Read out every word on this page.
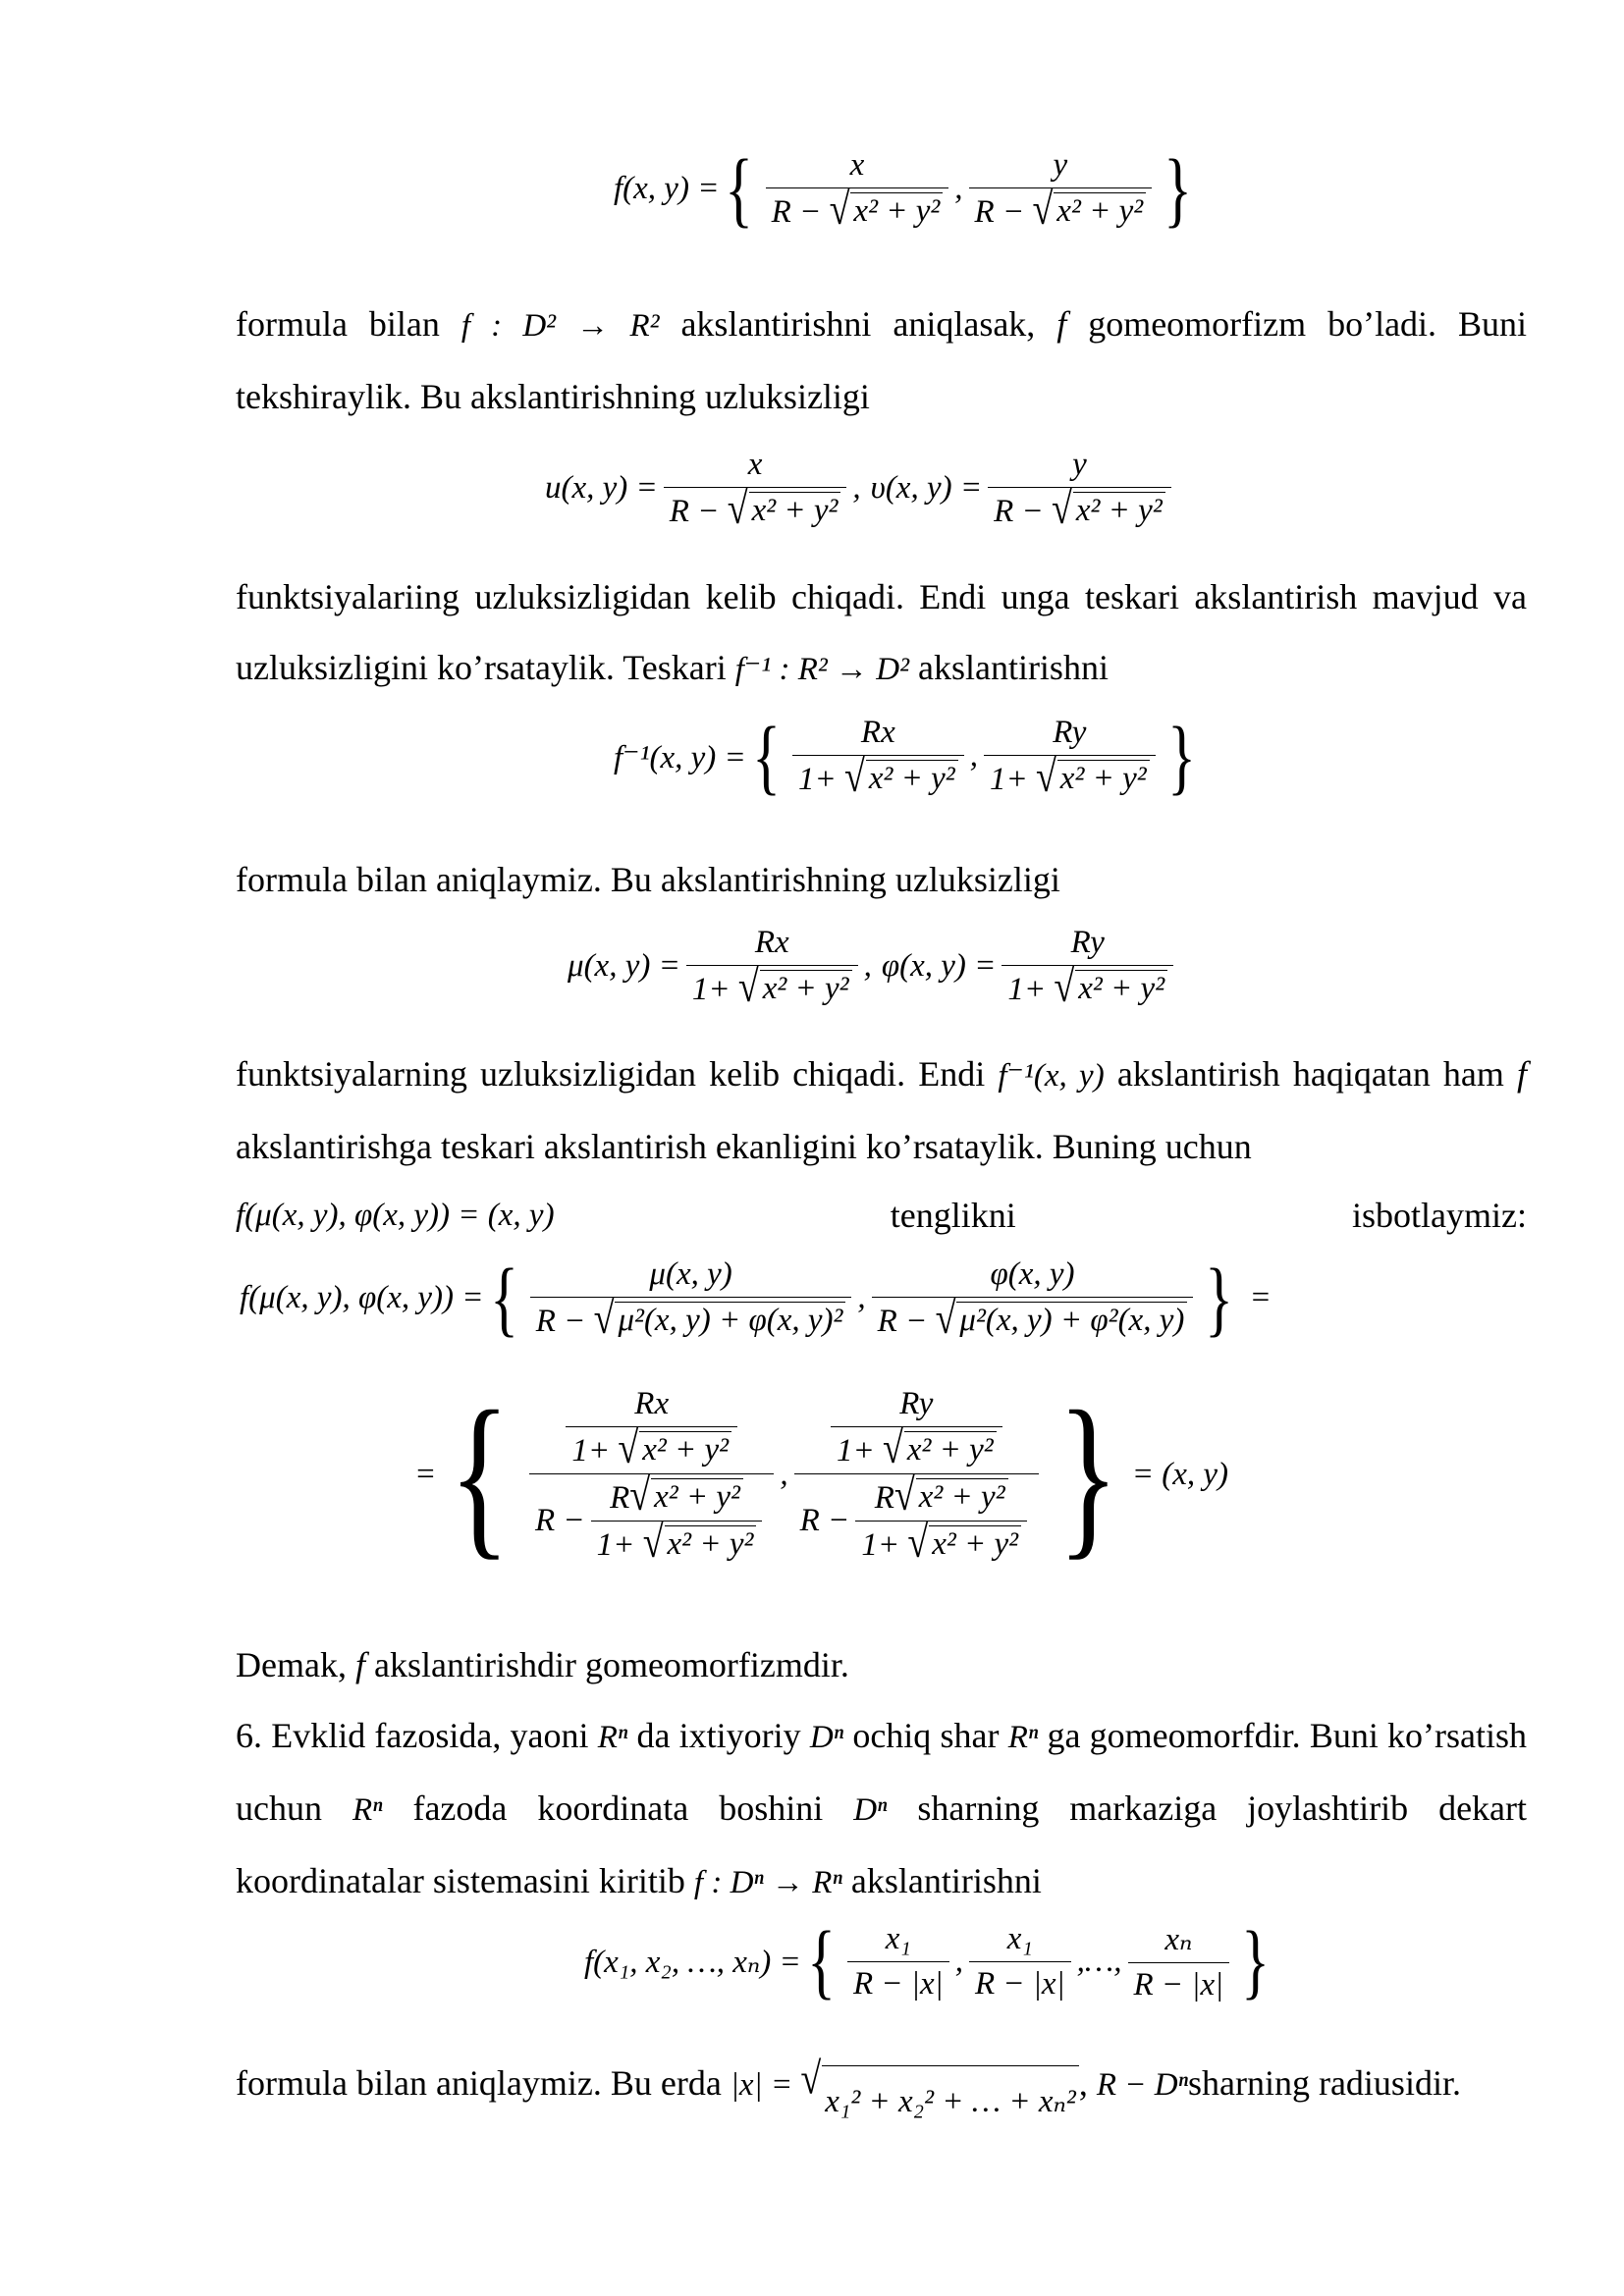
f(x, y) = { $\frac{x}{\text{R − √ x² + y²}}$ , $\frac{y}{\text{R − √ x² + y²}}$ }

formula bilan f : D² → R² akslantirishni aniqlasak, f gomeomorfizm bo’ladi. Buni tekshiraylik. Bu akslantirishning uzluksizligi

u(x, $y) = \frac{x}{\text{R − √ x² + y²}}$ , υ(x, $y) = \frac{y}{\text{R − √ x² + y²}}$

funktsiyalariing uzluksizligidan kelib chiqadi. Endi unga teskari akslantirish mavjud va uzluksizligini ko’rsataylik. Teskari f⁻¹ : R² → D² akslantirishni

f⁻¹(x, y) = { $\frac{Rx}{\text{1+ √ x² + y²}}$ , $\frac{Ry}{\text{1+ √ x² + y²}}$ }

formula bilan aniqlaymiz. Bu akslantirishning uzluksizligi

μ(x, $y) = \frac{Rx}{\text{1+ √ x² + y²}}$ , φ(x, $y) = \frac{Ry}{\text{1+ √ x² + y²}}$

funktsiyalarning uzluksizligidan kelib chiqadi. Endi f⁻¹(x, y) akslantirish haqiqatan ham f akslantirishga teskari akslantirish ekanligini ko’rsataylik. Buning uchun

f(μ(x, y), φ(x, y)) = (x, y)	tenglikni	isbotlaymiz:
f(μ(x, y), φ(x, y)) = { $\frac{\mu(x, y)}{\text{R − √ μ²(x, y) + φ(x, y)²}}$ , $\frac{\varphi(x, y)}{\text{R − √ μ²(x, y) + φ²(x, y)}}$ } =
= { $\frac{\frac{Rx}{\text{1+ √ x² + y²}}}{R - \frac{\text{R √ x² + y²}}{\text{1+ √ x² + y²}}}$ , $\frac{\frac{Ry}{\text{1+ √ x² + y²}}}{R - \frac{\text{R √ x² + y²}}{\text{1+ √ x² + y²}}}$ } = (x, y)

Demak, f akslantirishdir gomeomorfizmdir.

6. Evklid fazosida, yaoni Rⁿ da ixtiyoriy Dⁿ ochiq shar Rⁿ ga gomeomorfdir. Buni ko’rsatish uchun Rⁿ fazoda koordinata boshini Dⁿ sharning markaziga joylashtirib dekart koordinatalar sistemasini kiritib f : Dⁿ → Rⁿ akslantirishni

f(x₁, x₂, …, xₙ) = { $\frac{\text{x₁}}{R - |x|}$ , $\frac{\text{x₁}}{R - |x|}$ , … , $\frac{\text{xₙ}}{R - |x|}$ }

formula bilan aniqlaymiz. Bu erda |x| = √ x₁² + x₂² + … + xₙ² , R − Dⁿsharning radiusidir.
